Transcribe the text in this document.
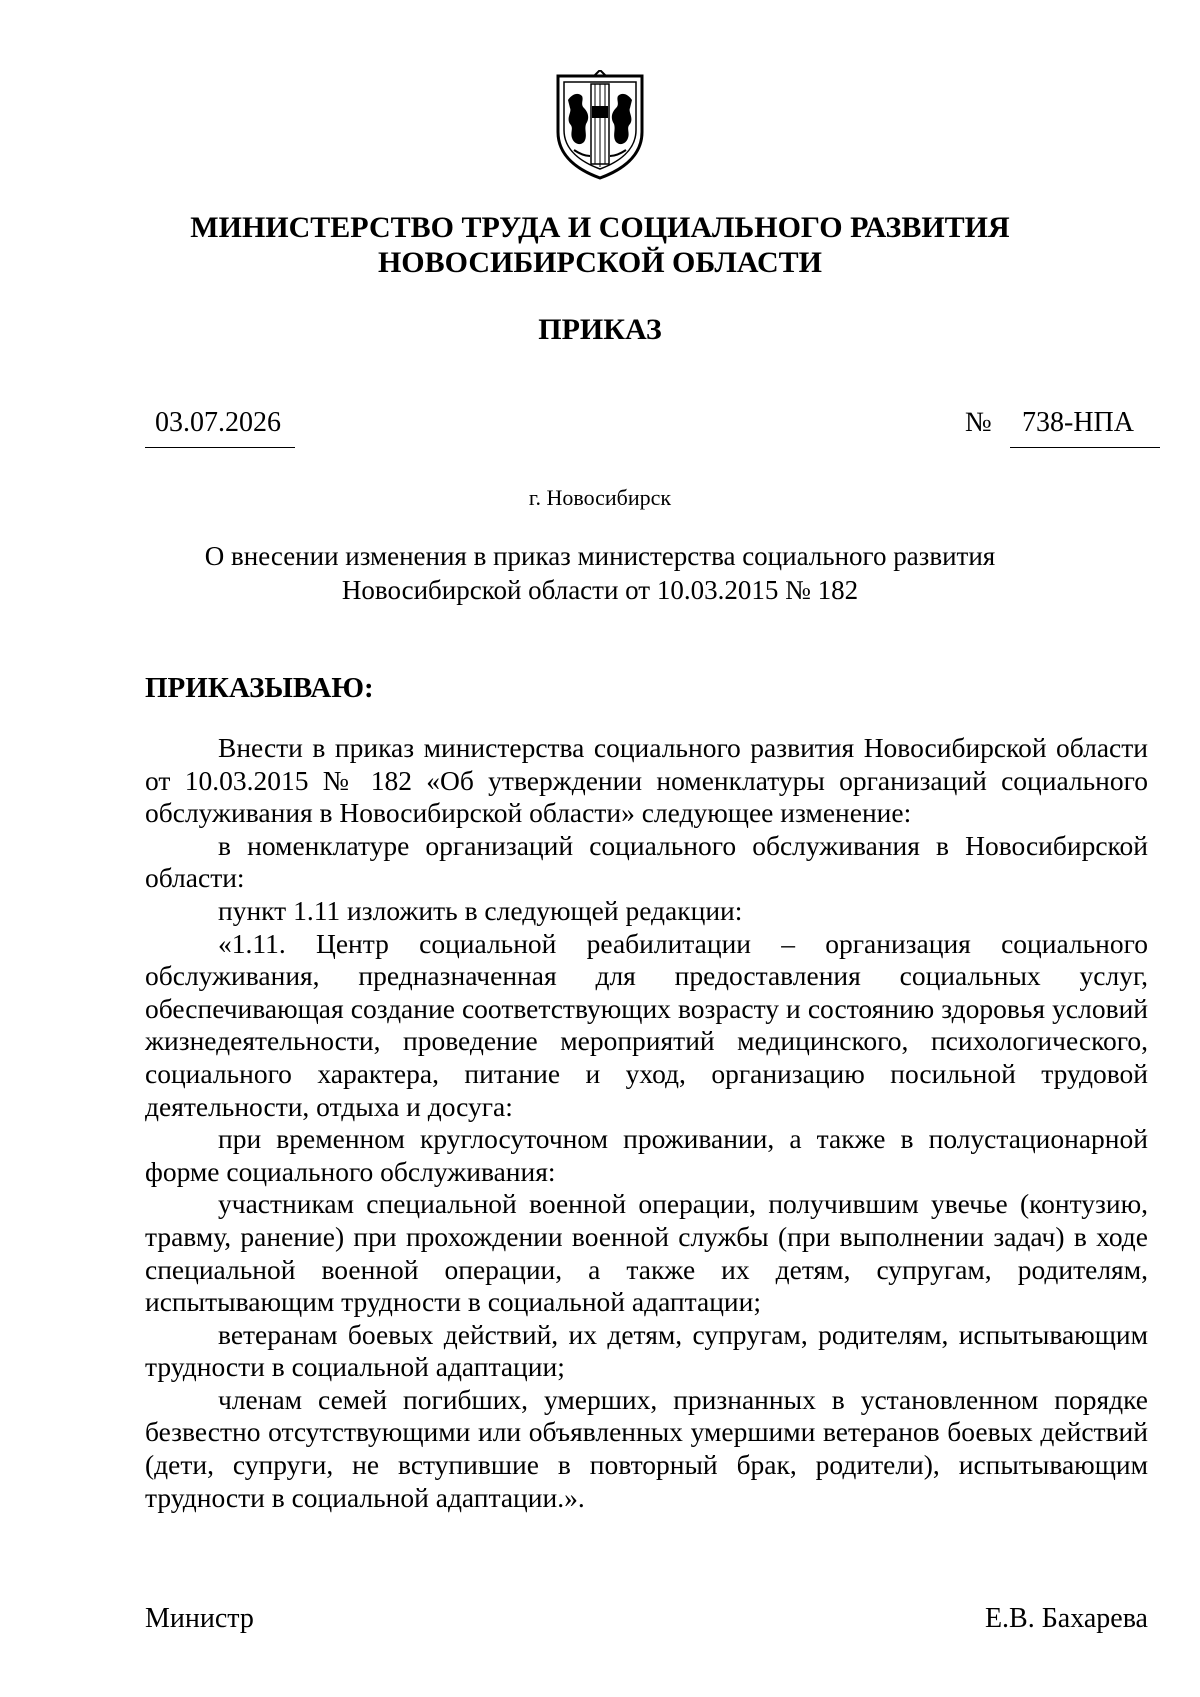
МИНИСТЕРСТВО ТРУДА И СОЦИАЛЬНОГО РАЗВИТИЯ
НОВОСИБИРСКОЙ ОБЛАСТИ
ПРИКАЗ
03.07.2026	№ 738-НПА
г. Новосибирск
О внесении изменения в приказ министерства социального развития
Новосибирской области от 10.03.2015 № 182
ПРИКАЗЫВАЮ:

Внести в приказ министерства социального развития Новосибирской области от 10.03.2015 № 182 «Об утверждении номенклатуры организаций социального обслуживания в Новосибирской области» следующее изменение:

в номенклатуре организаций социального обслуживания в Новосибирской области:

пункт 1.11 изложить в следующей редакции:

«1.11. Центр социальной реабилитации – организация социального обслуживания, предназначенная для предоставления социальных услуг, обеспечивающая создание соответствующих возрасту и состоянию здоровья условий жизнедеятельности, проведение мероприятий медицинского, психологического, социального характера, питание и уход, организацию посильной трудовой деятельности, отдыха и досуга:

при временном круглосуточном проживании, а также в полустационарной форме социального обслуживания:

участникам специальной военной операции, получившим увечье (контузию, травму, ранение) при прохождении военной службы (при выполнении задач) в ходе специальной военной операции, а также их детям, супругам, родителям, испытывающим трудности в социальной адаптации;

ветеранам боевых действий, их детям, супругам, родителям, испытывающим трудности в социальной адаптации;

членам семей погибших, умерших, признанных в установленном порядке безвестно отсутствующими или объявленных умершими ветеранов боевых действий (дети, супруги, не вступившие в повторный брак, родители), испытывающим трудности в социальной адаптации.».

Министр	Е.В. Бахарева
